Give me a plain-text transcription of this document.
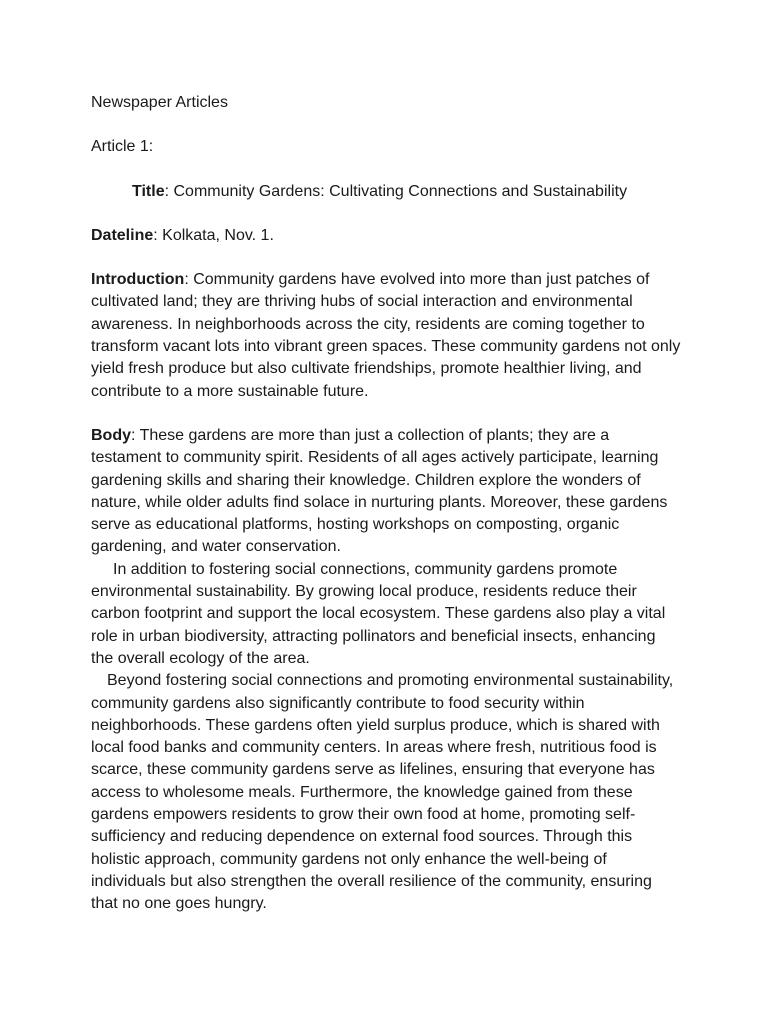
Newspaper Articles

Article 1:

Title: Community Gardens: Cultivating Connections and Sustainability

Dateline: Kolkata, Nov. 1.

Introduction: Community gardens have evolved into more than just patches of cultivated land; they are thriving hubs of social interaction and environmental awareness. In neighborhoods across the city, residents are coming together to transform vacant lots into vibrant green spaces. These community gardens not only yield fresh produce but also cultivate friendships, promote healthier living, and contribute to a more sustainable future.

Body: These gardens are more than just a collection of plants; they are a testament to community spirit. Residents of all ages actively participate, learning gardening skills and sharing their knowledge. Children explore the wonders of nature, while older adults find solace in nurturing plants. Moreover, these gardens serve as educational platforms, hosting workshops on composting, organic gardening, and water conservation.

In addition to fostering social connections, community gardens promote environmental sustainability. By growing local produce, residents reduce their carbon footprint and support the local ecosystem. These gardens also play a vital role in urban biodiversity, attracting pollinators and beneficial insects, enhancing the overall ecology of the area.

Beyond fostering social connections and promoting environmental sustainability, community gardens also significantly contribute to food security within neighborhoods. These gardens often yield surplus produce, which is shared with local food banks and community centers. In areas where fresh, nutritious food is scarce, these community gardens serve as lifelines, ensuring that everyone has access to wholesome meals. Furthermore, the knowledge gained from these gardens empowers residents to grow their own food at home, promoting self-sufficiency and reducing dependence on external food sources. Through this holistic approach, community gardens not only enhance the well-being of individuals but also strengthen the overall resilience of the community, ensuring that no one goes hungry.
